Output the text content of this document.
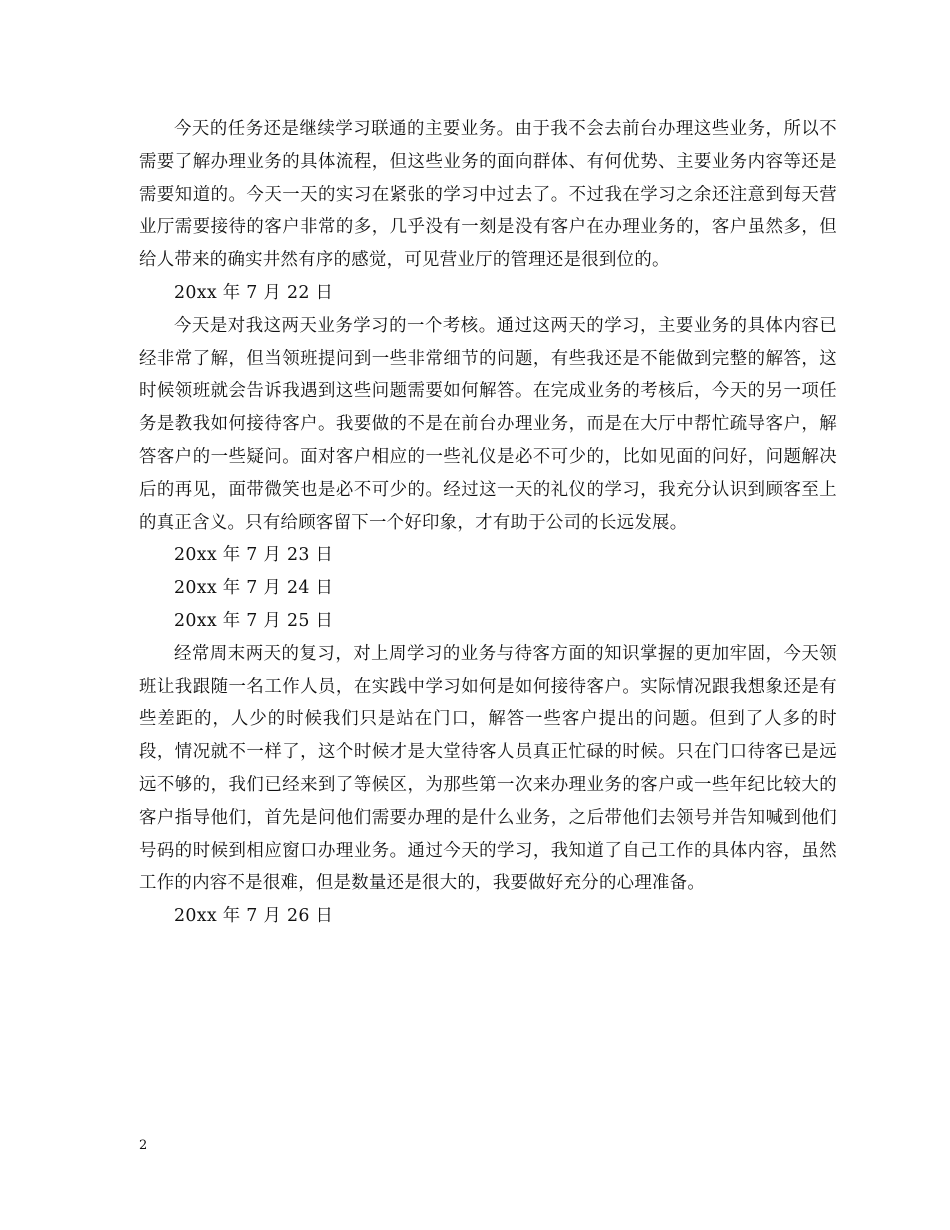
今天的任务还是继续学习联通的主要业务。由于我不会去前台办理这些业务，所以不需要了解办理业务的具体流程，但这些业务的面向群体、有何优势、主要业务内容等还是需要知道的。今天一天的实习在紧张的学习中过去了。不过我在学习之余还注意到每天营业厅需要接待的客户非常的多，几乎没有一刻是没有客户在办理业务的，客户虽然多，但给人带来的确实井然有序的感觉，可见营业厅的管理还是很到位的。

20xx 年 7 月 22 日

今天是对我这两天业务学习的一个考核。通过这两天的学习，主要业务的具体内容已经非常了解，但当领班提问到一些非常细节的问题，有些我还是不能做到完整的解答，这时候领班就会告诉我遇到这些问题需要如何解答。在完成业务的考核后，今天的另一项任务是教我如何接待客户。我要做的不是在前台办理业务，而是在大厅中帮忙疏导客户，解答客户的一些疑问。面对客户相应的一些礼仪是必不可少的，比如见面的问好，问题解决后的再见，面带微笑也是必不可少的。经过这一天的礼仪的学习，我充分认识到顾客至上的真正含义。只有给顾客留下一个好印象，才有助于公司的长远发展。

20xx 年 7 月 23 日

20xx 年 7 月 24 日

20xx 年 7 月 25 日

经常周末两天的复习，对上周学习的业务与待客方面的知识掌握的更加牢固，今天领班让我跟随一名工作人员，在实践中学习如何是如何接待客户。实际情况跟我想象还是有些差距的，人少的时候我们只是站在门口，解答一些客户提出的问题。但到了人多的时段，情况就不一样了，这个时候才是大堂待客人员真正忙碌的时候。只在门口待客已是远远不够的，我们已经来到了等候区，为那些第一次来办理业务的客户或一些年纪比较大的客户指导他们，首先是问他们需要办理的是什么业务，之后带他们去领号并告知喊到他们号码的时候到相应窗口办理业务。通过今天的学习，我知道了自己工作的具体内容，虽然工作的内容不是很难，但是数量还是很大的，我要做好充分的心理准备。

20xx 年 7 月 26 日

2
